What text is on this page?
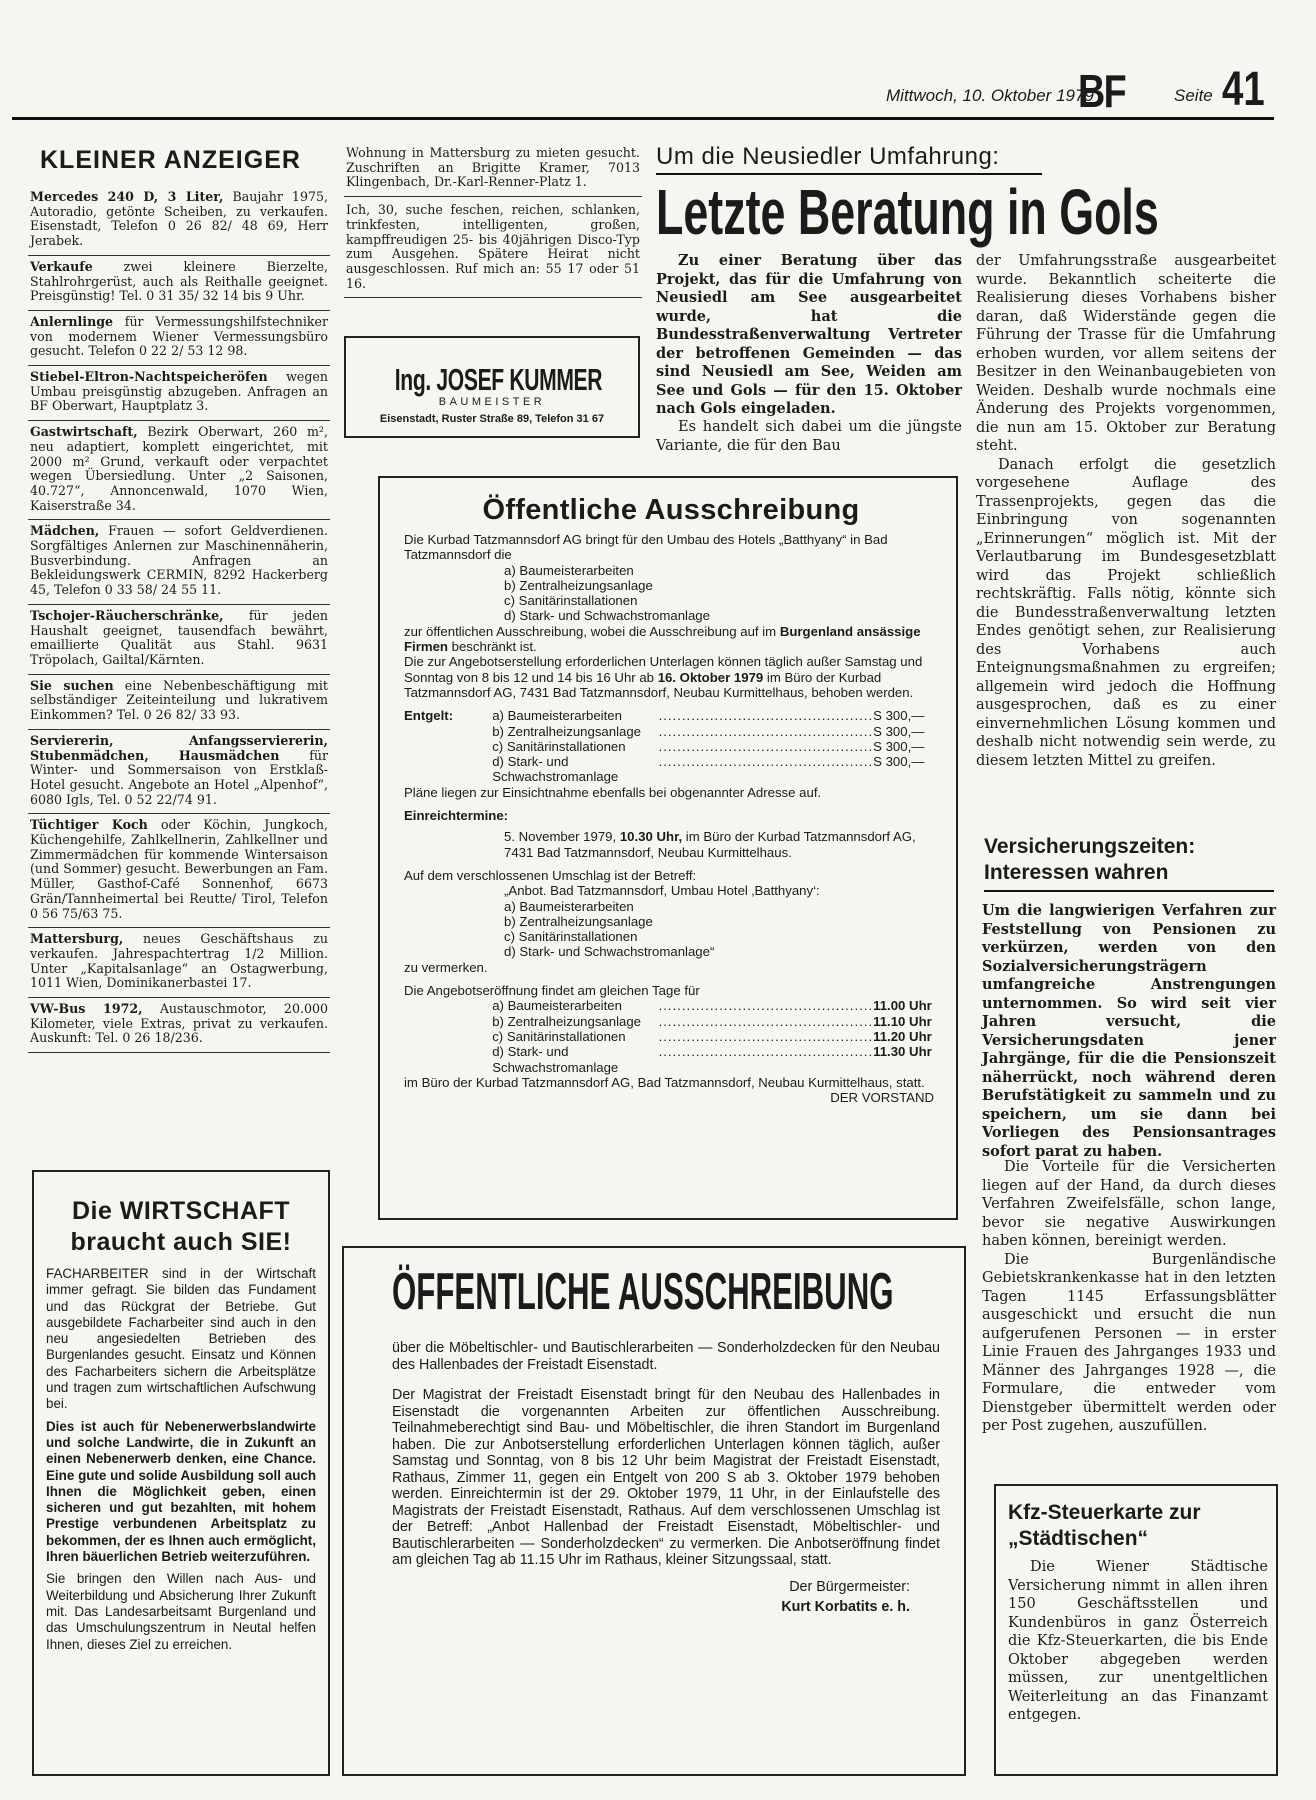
Mittwoch, 10. Oktober 1979
BF	Seite 41
KLEINER ANZEIGER

Mercedes 240 D, 3 Liter, Baujahr 1975, Autoradio, getönte Scheiben, zu verkaufen. Eisenstadt, Telefon 0 26 82/ 48 69, Herr Jerabek.

Verkaufe zwei kleinere Bierzelte, Stahlrohrgerüst, auch als Reithalle geeignet. Preisgünstig! Tel. 0 31 35/ 32 14 bis 9 Uhr.

Anlernlinge für Vermessungshilfstechniker von modernem Wiener Vermessungsbüro gesucht. Telefon 0 22 2/ 53 12 98.

Stiebel-Eltron-Nachtspeicheröfen wegen Umbau preisgünstig abzugeben. Anfragen an BF Oberwart, Hauptplatz 3.

Gastwirtschaft, Bezirk Oberwart, 260 m², neu adaptiert, komplett eingerichtet, mit 2000 m² Grund, verkauft oder verpachtet wegen Übersiedlung. Unter „2 Saisonen, 40.727“, Annoncenwald, 1070 Wien, Kaiserstraße 34.

Mädchen, Frauen — sofort Geldverdienen. Sorgfältiges Anlernen zur Maschinennäherin, Busverbindung. Anfragen an Bekleidungswerk CERMIN, 8292 Hackerberg 45, Telefon 0 33 58/ 24 55 11.

Tschojer-Räucherschränke, für jeden Haushalt geeignet, tausendfach bewährt, emaillierte Qualität aus Stahl. 9631 Tröpolach, Gailtal/Kärnten.

Sie suchen eine Nebenbeschäftigung mit selbständiger Zeiteinteilung und lukrativem Einkommen? Tel. 0 26 82/ 33 93.

Serviererin, Anfangsserviererin, Stubenmädchen, Hausmädchen für Winter- und Sommersaison von Erstklaß-Hotel gesucht. Angebote an Hotel „Alpenhof“, 6080 Igls, Tel. 0 52 22/74 91.

Tüchtiger Koch oder Köchin, Jungkoch, Küchengehilfe, Zahlkellnerin, Zahlkellner und Zimmermädchen für kommende Wintersaison (und Sommer) gesucht. Bewerbungen an Fam. Müller, Gasthof-Café Sonnenhof, 6673 Grän/Tannheimertal bei Reutte/ Tirol, Telefon 0 56 75/63 75.

Mattersburg, neues Geschäftshaus zu verkaufen. Jahrespachtertrag 1/2 Million. Unter „Kapitalsanlage“ an Ostagwerbung, 1011 Wien, Dominikanerbastei 17.

VW-Bus 1972, Austauschmotor, 20.000 Kilometer, viele Extras, privat zu verkaufen. Auskunft: Tel. 0 26 18/236.

Die WIRTSCHAFT
braucht auch SIE!

FACHARBEITER sind in der Wirtschaft immer gefragt. Sie bilden das Fundament und das Rückgrat der Betriebe. Gut ausgebildete Facharbeiter sind auch in den neu angesiedelten Betrieben des Burgenlandes gesucht. Einsatz und Können des Facharbeiters sichern die Arbeitsplätze und tragen zum wirtschaftlichen Aufschwung bei.

Dies ist auch für Nebenerwerbslandwirte und solche Landwirte, die in Zukunft an einen Nebenerwerb denken, eine Chance. Eine gute und solide Ausbildung soll auch Ihnen die Möglichkeit geben, einen sicheren und gut bezahlten, mit hohem Prestige verbundenen Arbeitsplatz zu bekommen, der es Ihnen auch ermöglicht, Ihren bäuerlichen Betrieb weiterzuführen.

Sie bringen den Willen nach Aus- und Weiterbildung und Absicherung Ihrer Zukunft mit. Das Landesarbeitsamt Burgenland und das Umschulungszentrum in Neutal helfen Ihnen, dieses Ziel zu erreichen.

Wohnung in Mattersburg zu mieten gesucht. Zuschriften an Brigitte Kramer, 7013 Klingenbach, Dr.-Karl-Renner-Platz 1.

Ich, 30, suche feschen, reichen, schlanken, trinkfesten, intelligenten, großen, kampffreudigen 25- bis 40jährigen Disco-Typ zum Ausgehen. Spätere Heirat nicht ausgeschlossen. Ruf mich an: 55 17 oder 51 16.

Ing. JOSEF KUMMER
BAUMEISTER
Eisenstadt, Ruster Straße 89, Telefon 31 67
Um die Neusiedler Umfahrung:
Letzte Beratung in Gols

Zu einer Beratung über das Projekt, das für die Umfahrung von Neusiedl am See ausgearbeitet wurde, hat die Bundesstraßenverwaltung Vertreter der betroffenen Gemeinden — das sind Neusiedl am See, Weiden am See und Gols — für den 15. Oktober nach Gols eingeladen.

Es handelt sich dabei um die jüngste Variante, die für den Bau

der Umfahrungsstraße ausgearbeitet wurde. Bekanntlich scheiterte die Realisierung dieses Vorhabens bisher daran, daß Widerstände gegen die Führung der Trasse für die Umfahrung erhoben wurden, vor allem seitens der Besitzer in den Weinanbaugebieten von Weiden. Deshalb wurde nochmals eine Änderung des Projekts vorgenommen, die nun am 15. Oktober zur Beratung steht.

Danach erfolgt die gesetzlich vorgesehene Auflage des Trassenprojekts, gegen das die Einbringung von sogenannten „Erinnerungen“ möglich ist. Mit der Verlautbarung im Bundesgesetzblatt wird das Projekt schließlich rechtskräftig. Falls nötig, könnte sich die Bundesstraßenverwaltung letzten Endes genötigt sehen, zur Realisierung des Vorhabens auch Enteignungsmaßnahmen zu ergreifen; allgemein wird jedoch die Hoffnung ausgesprochen, daß es zu einer einvernehmlichen Lösung kommen und deshalb nicht notwendig sein werde, zu diesem letzten Mittel zu greifen.

Öffentliche Ausschreibung

Die Kurbad Tatzmannsdorf AG bringt für den Umbau des Hotels „Batthyany“ in Bad Tatzmannsdorf die

a) Baumeisterarbeiten
b) Zentralheizungsanlage
c) Sanitärinstallationen
d) Stark- und Schwachstromanlage

zur öffentlichen Ausschreibung, wobei die Ausschreibung auf im Burgenland ansässige Firmen beschränkt ist.

Die zur Angebotserstellung erforderlichen Unterlagen können täglich außer Samstag und Sonntag von 8 bis 12 und 14 bis 16 Uhr ab 16. Oktober 1979 im Büro der Kurbad Tatzmannsdorf AG, 7431 Bad Tatzmannsdorf, Neubau Kurmittelhaus, behoben werden.

Entgelt:	a) Baumeisterarbeiten	.............................................. S 300,—
b) Zentralheizungsanlage	.............................................. S 300,—
c) Sanitärinstallationen	.............................................. S 300,—
d) Stark- und Schwachstromanlage
.............................................. S 300,—

Pläne liegen zur Einsichtnahme ebenfalls bei obgenannter Adresse auf.

Einreichtermine:

5. November 1979, 10.30 Uhr, im Büro der Kurbad Tatzmannsdorf AG, 7431 Bad Tatzmannsdorf, Neubau Kurmittelhaus.

Auf dem verschlossenen Umschlag ist der Betreff:

„Anbot. Bad Tatzmannsdorf, Umbau Hotel ‚Batthyany‘:
a) Baumeisterarbeiten
b) Zentralheizungsanlage
c) Sanitärinstallationen
d) Stark- und Schwachstromanlage“

zu vermerken.

Die Angebotseröffnung findet am gleichen Tage für

a) Baumeisterarbeiten	.............................................. 11.00 Uhr
b) Zentralheizungsanlage	.............................................. 11.10 Uhr
c) Sanitärinstallationen	.............................................. 11.20 Uhr
d) Stark- und Schwachstromanlage
.............................................. 11.30 Uhr

im Büro der Kurbad Tatzmannsdorf AG, Bad Tatzmannsdorf, Neubau Kurmittelhaus, statt.

DER VORSTAND

ÖFFENTLICHE AUSSCHREIBUNG

über die Möbeltischler- und Bautischlerarbeiten — Sonderholzdecken für den Neubau des Hallenbades der Freistadt Eisenstadt.

Der Magistrat der Freistadt Eisenstadt bringt für den Neubau des Hallenbades in Eisenstadt die vorgenannten Arbeiten zur öffentlichen Ausschreibung. Teilnahmeberechtigt sind Bau- und Möbeltischler, die ihren Standort im Burgenland haben. Die zur Anbotserstellung erforderlichen Unterlagen können täglich, außer Samstag und Sonntag, von 8 bis 12 Uhr beim Magistrat der Freistadt Eisenstadt, Rathaus, Zimmer 11, gegen ein Entgelt von 200 S ab 3. Oktober 1979 behoben werden. Einreichtermin ist der 29. Oktober 1979, 11 Uhr, in der Einlaufstelle des Magistrats der Freistadt Eisenstadt, Rathaus. Auf dem verschlossenen Umschlag ist der Betreff: „Anbot Hallenbad der Freistadt Eisenstadt, Möbeltischler- und Bautischlerarbeiten — Sonderholzdecken“ zu vermerken. Die Anbotseröffnung findet am gleichen Tag ab 11.15 Uhr im Rathaus, kleiner Sitzungssaal, statt.

Der Bürgermeister:

Kurt Korbatits e. h.

Versicherungszeiten: Interessen wahren

Um die langwierigen Verfahren zur Feststellung von Pensionen zu verkürzen, werden von den Sozialversicherungsträgern umfangreiche Anstrengungen unternommen. So wird seit vier Jahren versucht, die Versicherungsdaten jener Jahrgänge, für die die Pensionszeit näherrückt, noch während deren Berufstätigkeit zu sammeln und zu speichern, um sie dann bei Vorliegen des Pensionsantrages sofort parat zu haben.

Die Vorteile für die Versicherten liegen auf der Hand, da durch dieses Verfahren Zweifelsfälle, schon lange, bevor sie negative Auswirkungen haben können, bereinigt werden.

Die Burgenländische Gebietskrankenkasse hat in den letzten Tagen 1145 Erfassungsblätter ausgeschickt und ersucht die nun aufgerufenen Personen — in erster Linie Frauen des Jahrganges 1933 und Männer des Jahrganges 1928 —, die Formulare, die entweder vom Dienstgeber übermittelt werden oder per Post zugehen, auszufüllen.

Kfz-Steuerkarte zur „Städtischen“

Die Wiener Städtische Versicherung nimmt in allen ihren 150 Geschäftsstellen und Kundenbüros in ganz Österreich die Kfz-Steuerkarten, die bis Ende Oktober abgegeben werden müssen, zur unentgeltlichen Weiterleitung an das Finanzamt entgegen.
